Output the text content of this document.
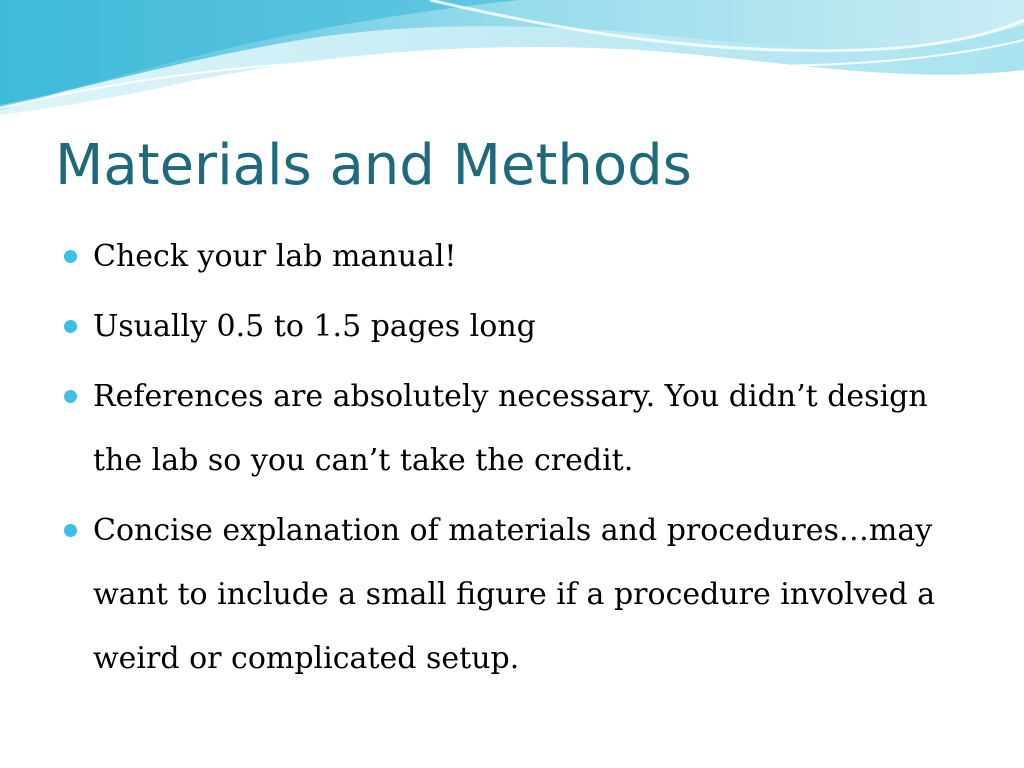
Materials and Methods
Check your lab manual!
Usually 0.5 to 1.5 pages long
References are absolutely necessary. You didn’t design the lab so you can’t take the credit.
Concise explanation of materials and procedures…may want to include a small figure if a procedure involved a weird or complicated setup.
